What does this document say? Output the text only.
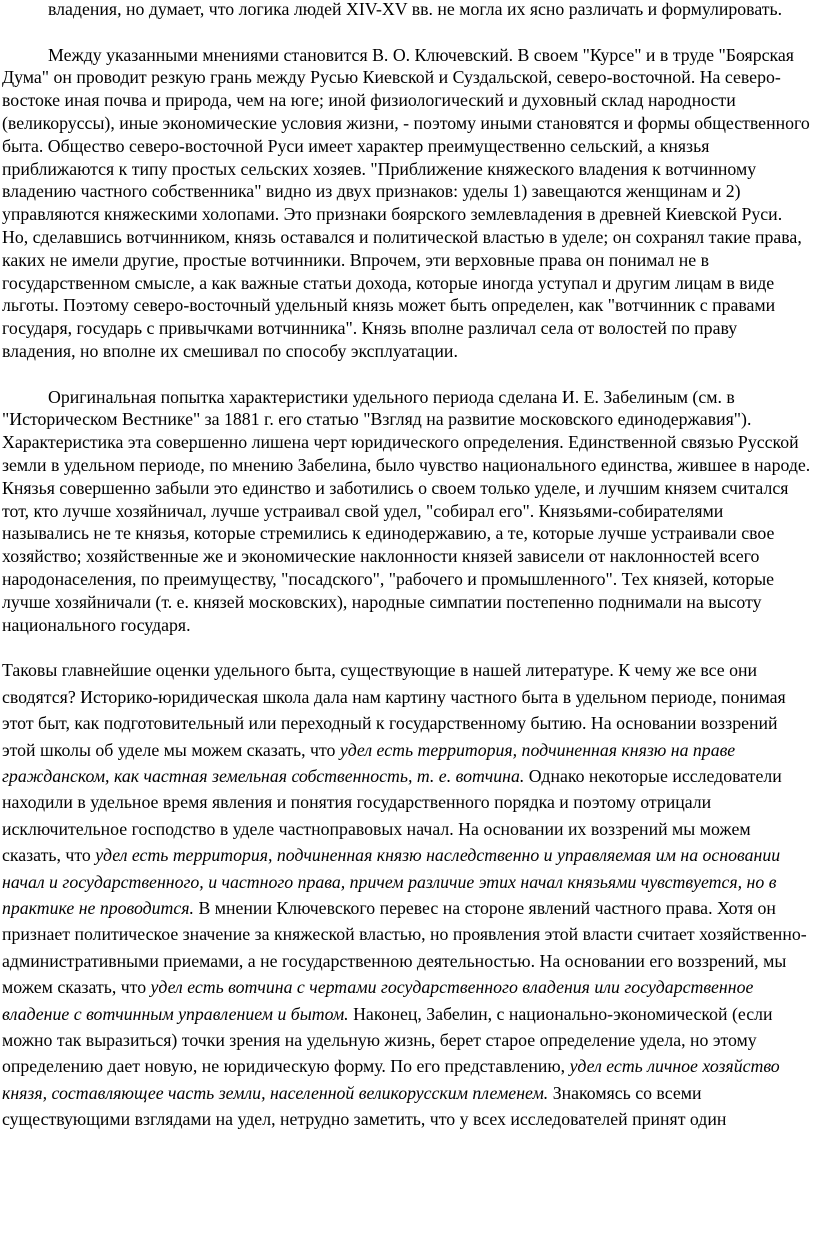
владения, но думает, что логика людей XIV-XV вв. не могла их ясно различать и формулировать.

Между указанными мнениями становится В. О. Ключевский. В своем "Курсе" и в труде "Боярская Дума" он проводит резкую грань между Русью Киевской и Суздальской, северо-восточной. На северо-востоке иная почва и природа, чем на юге; иной физиологический и духовный склад народности (великоруссы), иные экономические условия жизни, - поэтому иными становятся и формы общественного быта. Общество северо-восточной Руси имеет характер преимущественно сельский, а князья приближаются к типу простых сельских хозяев. "Приближение княжеского владения к вотчинному владению частного собственника" видно из двух признаков: уделы 1) завещаются женщинам и 2) управляются княжескими холопами. Это признаки боярского землевладения в древней Киевской Руси. Но, сделавшись вотчинником, князь оставался и политической властью в уделе; он сохранял такие права, каких не имели другие, простые вотчинники. Впрочем, эти верховные права он понимал не в государственном смысле, а как важные статьи дохода, которые иногда уступал и другим лицам в виде льготы. Поэтому северо-восточный удельный князь может быть определен, как "вотчинник с правами государя, государь с привычками вотчинника". Князь вполне различал села от волостей по праву владения, но вполне их смешивал по способу эксплуатации.

Оригинальная попытка характеристики удельного периода сделана И. Е. Забелиным (см. в "Историческом Вестнике" за 1881 г. его статью "Взгляд на развитие московского единодержавия"). Характеристика эта совершенно лишена черт юридического определения. Единственной связью Русской земли в удельном периоде, по мнению Забелина, было чувство национального единства, жившее в народе. Князья совершенно забыли это единство и заботились о своем только уделе, и лучшим князем считался тот, кто лучше хозяйничал, лучше устраивал свой удел, "собирал его". Князьями-собирателями назывались не те князья, которые стремились к единодержавию, а те, которые лучше устраивали свое хозяйство; хозяйственные же и экономические наклонности князей зависели от наклонностей всего народонаселения, по преимуществу, "посадского", "рабочего и промышленного". Тех князей, которые лучше хозяйничали (т. е. князей московских), народные симпатии постепенно поднимали на высоту национального государя.

Таковы главнейшие оценки удельного быта, существующие в нашей литературе. К чему же все они сводятся? Историко-юридическая школа дала нам картину частного быта в удельном периоде, понимая этот быт, как подготовительный или переходный к государственному бытию. На основании воззрений этой школы об уделе мы можем сказать, что удел есть территория, подчиненная князю на праве гражданском, как частная земельная собственность, т. е. вотчина. Однако некоторые исследователи находили в удельное время явления и понятия государственного порядка и поэтому отрицали исключительное господство в уделе частноправовых начал. На основании их воззрений мы можем сказать, что удел есть территория, подчиненная князю наследственно и управляемая им на основании начал и государственного, и частного права, причем различие этих начал князьями чувствуется, но в практике не проводится. В мнении Ключевского перевес на стороне явлений частного права. Хотя он признает политическое значение за княжеской властью, но проявления этой власти считает хозяйственно-административными приемами, а не государственною деятельностью. На основании его воззрений, мы можем сказать, что удел есть вотчина с чертами государственного владения или государственное владение с вотчинным управлением и бытом. Наконец, Забелин, с национально-экономической (если можно так выразиться) точки зрения на удельную жизнь, берет старое определение удела, но этому определению дает новую, не юридическую форму. По его представлению, удел есть личное хозяйство князя, составляющее часть земли, населенной великорусским племенем. Знакомясь со всеми существующими взглядами на удел, нетрудно заметить, что у всех исследователей принят один
